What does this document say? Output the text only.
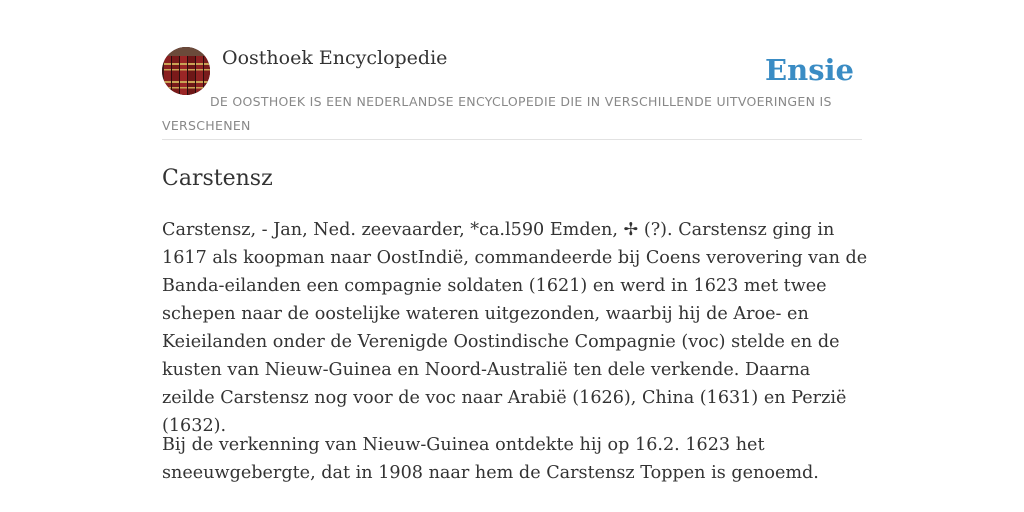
Oosthoek Encyclopedie	Ensie
DE OOSTHOEK IS EEN NEDERLANDSE ENCYCLOPEDIE DIE IN VERSCHILLENDE UITVOERINGEN IS VERSCHENEN
Carstensz

Carstensz, - Jan, Ned. zeevaarder, *ca.l590 Emden, ✢ (?). Carstensz ging in 1617 als koopman naar OostIndië, commandeerde bij Coens verovering van de Banda-eilanden een compagnie soldaten (1621) en werd in 1623 met twee schepen naar de oostelijke wateren uitgezonden, waarbij hij de Aroe- en Keieilanden onder de Verenigde Oostindische Compagnie (voc) stelde en de kusten van Nieuw-Guinea en Noord-Australië ten dele verkende. Daarna zeilde Carstensz nog voor de voc naar Arabië (1626), China (1631) en Perzië (1632).

Bij de verkenning van Nieuw-Guinea ontdekte hij op 16.2. 1623 het sneeuwgebergte, dat in 1908 naar hem de Carstensz Toppen is genoemd.
